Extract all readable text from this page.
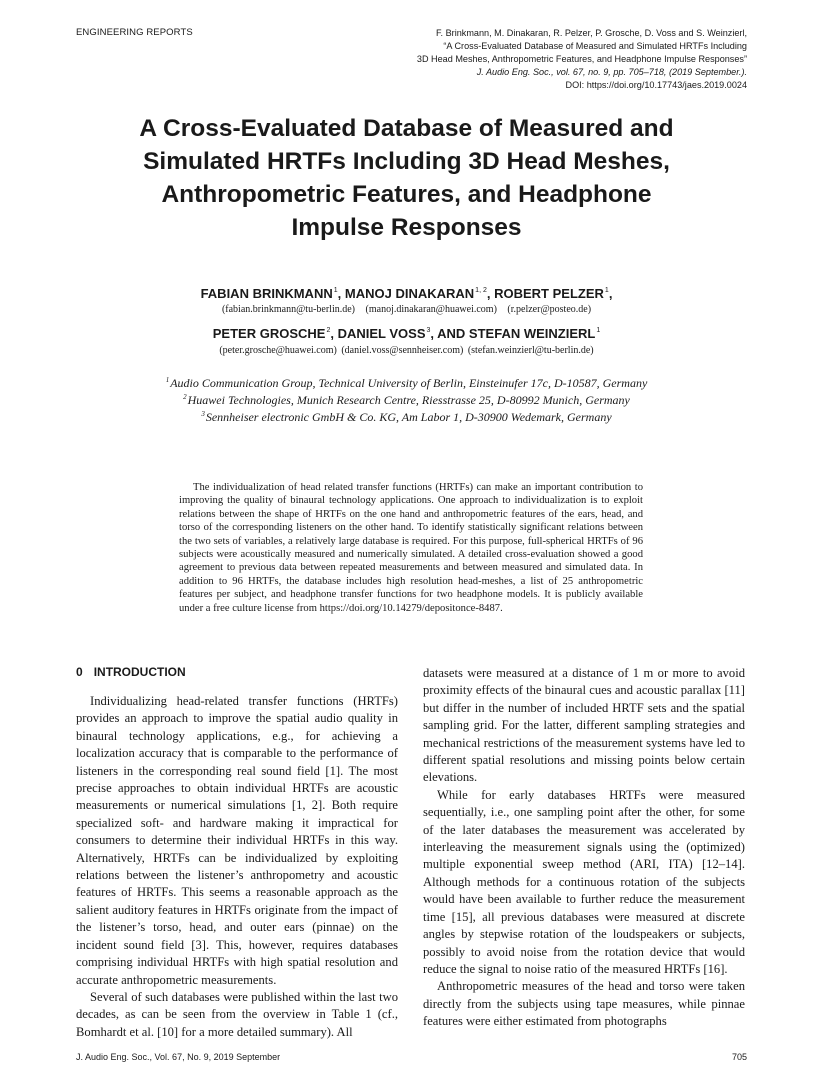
ENGINEERING REPORTS	F. Brinkmann, M. Dinakaran, R. Pelzer, P. Grosche, D. Voss and S. Weinzierl,
“A Cross-Evaluated Database of Measured and Simulated HRTFs Including
3D Head Meshes, Anthropometric Features, and Headphone Impulse Responses”
J. Audio Eng. Soc., vol. 67, no. 9, pp. 705–718, (2019 September.).
DOI: https://doi.org/10.17743/jaes.2019.0024
A Cross-Evaluated Database of Measured and
Simulated HRTFs Including 3D Head Meshes,
Anthropometric Features, and Headphone
Impulse Responses
FABIAN BRINKMANN$^1$, MANOJ DINAKARAN$^{1, 2}$, ROBERT PELZER$^1$,
(fabian.brinkmann@tu-berlin.de) (manoj.dinakaran@huawei.com) (r.pelzer@posteo.de)
PETER GROSCHE$^2$, DANIEL VOSS$^3$, AND STEFAN WEINZIERL$^1$
(peter.grosche@huawei.com) (daniel.voss@sennheiser.com) (stefan.weinzierl@tu-berlin.de)
$^1$Audio Communication Group, Technical University of Berlin, Einsteinufer 17c, D-10587, Germany
$^2$Huawei Technologies, Munich Research Centre, Riesstrasse 25, D-80992 Munich, Germany
$^3$Sennheiser electronic GmbH & Co. KG, Am Labor 1, D-30900 Wedemark, Germany

The individualization of head related transfer functions (HRTFs) can make an important contribution to improving the quality of binaural technology applications. One approach to individualization is to exploit relations between the shape of HRTFs on the one hand and anthropometric features of the ears, head, and torso of the corresponding listeners on the other hand. To identify statistically significant relations between the two sets of variables, a relatively large database is required. For this purpose, full-spherical HRTFs of 96 subjects were acoustically measured and numerically simulated. A detailed cross-evaluation showed a good agreement to previous data between repeated measurements and between measured and simulated data. In addition to 96 HRTFs, the database includes high resolution head-meshes, a list of 25 anthropometric features per subject, and headphone transfer functions for two headphone models. It is publicly available under a free culture license from https://doi.org/10.14279/depositonce-8487.

0 INTRODUCTION

Individualizing head-related transfer functions (HRTFs) provides an approach to improve the spatial audio quality in binaural technology applications, e.g., for achieving a localization accuracy that is comparable to the performance of listeners in the corresponding real sound field [1]. The most precise approaches to obtain individual HRTFs are acoustic measurements or numerical simulations [1, 2]. Both require specialized soft- and hardware making it impractical for consumers to determine their individual HRTFs in this way. Alternatively, HRTFs can be individualized by exploiting relations between the listener’s anthropometry and acoustic features of HRTFs. This seems a reasonable approach as the salient auditory features in HRTFs originate from the impact of the listener’s torso, head, and outer ears (pinnae) on the incident sound field [3]. This, however, requires databases comprising individual HRTFs with high spatial resolution and accurate anthropometric measurements.

Several of such databases were published within the last two decades, as can be seen from the overview in Table 1 (cf., Bomhardt et al. [10] for a more detailed summary). All

datasets were measured at a distance of 1 m or more to avoid proximity effects of the binaural cues and acoustic parallax [11] but differ in the number of included HRTF sets and the spatial sampling grid. For the latter, different sampling strategies and mechanical restrictions of the measurement systems have led to different spatial resolutions and missing points below certain elevations.

While for early databases HRTFs were measured sequentially, i.e., one sampling point after the other, for some of the later databases the measurement was accelerated by interleaving the measurement signals using the (optimized) multiple exponential sweep method (ARI, ITA) [12–14]. Although methods for a continuous rotation of the subjects would have been available to further reduce the measurement time [15], all previous databases were measured at discrete angles by stepwise rotation of the loudspeakers or subjects, possibly to avoid noise from the rotation device that would reduce the signal to noise ratio of the measured HRTFs [16].

Anthropometric measures of the head and torso were taken directly from the subjects using tape measures, while pinnae features were either estimated from photographs

J. Audio Eng. Soc., Vol. 67, No. 9, 2019 September	705
